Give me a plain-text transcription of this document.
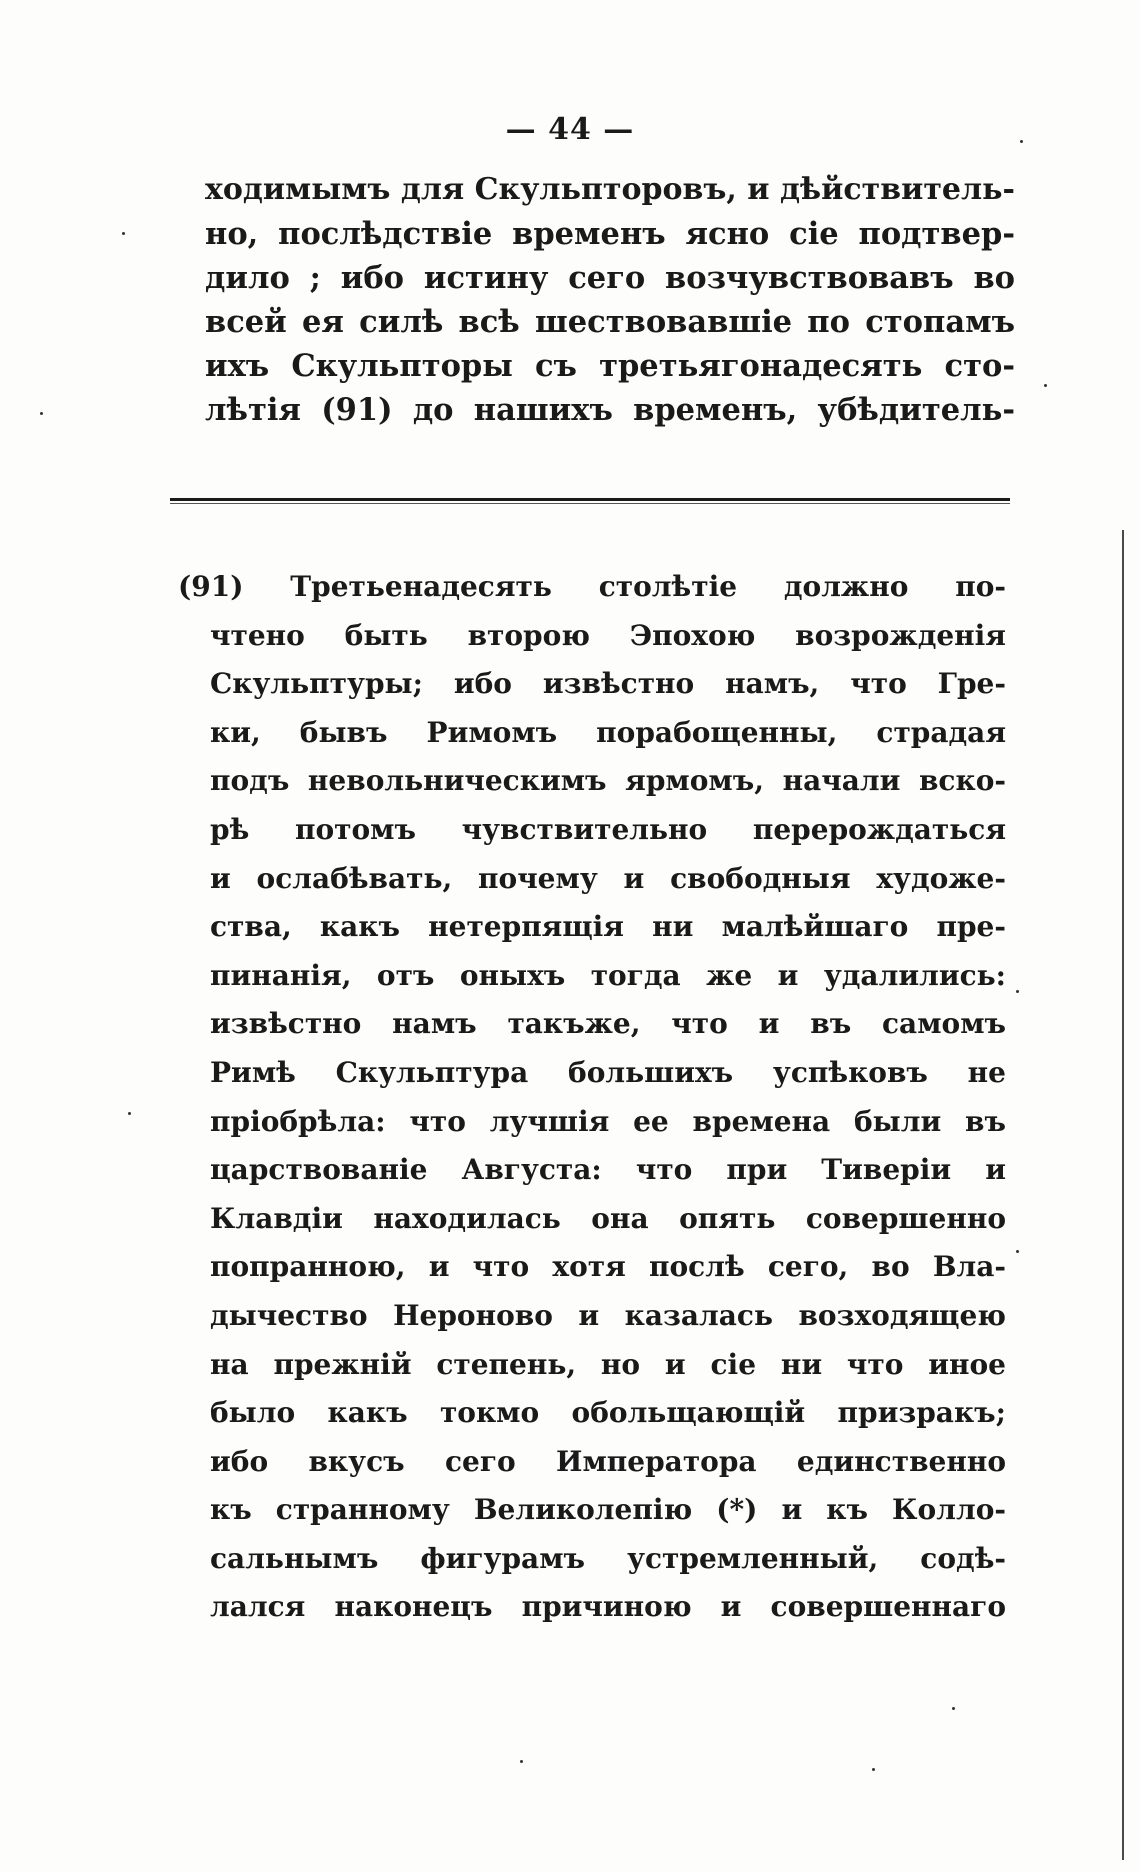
— 44 —
ходимымъ для Скульпторовъ, и дѣйствитель-
но, послѣдствіе временъ ясно сіе подтвер-
дило ; ибо истину сего возчувствовавъ во
всей ея силѣ всѣ шествовавшіе по стопамъ
ихъ Скульпторы съ третьягонадесять сто-
лѣтія (91) до нашихъ временъ, убѣдитель-
(91) Третьенадесять столѣтіе должно по-
чтено быть второю Эпохою возрожденія
Скульптуры; ибо извѣстно намъ, что Гре-
ки, бывъ Римомъ порабощенны, страдая
подъ невольническимъ ярмомъ, начали вско-
рѣ потомъ чувствительно перерождаться
и ослабѣвать, почему и свободныя художе-
ства, какъ нетерпящія ни малѣйшаго пре-
пинанія, отъ оныхъ тогда же и удалились:
извѣстно намъ такъже, что и въ самомъ
Римѣ Скульптура большихъ успѣковъ не
пріобрѣла: что лучшія ее времена были въ
царствованіе Августа: что при Тиверіи и
Клавдіи находилась она опять совершенно
попранною, и что хотя послѣ сего, во Вла-
дычество Нероново и казалась возходящею
на прежній степень, но и сіе ни что иное
было какъ токмо обольщающій призракъ;
ибо вкусъ сего Императора единственно
къ странному Великолепію (*) и къ Колло-
сальнымъ фигурамъ устремленный, содѣ-
лался наконецъ причиною и совершеннаго
